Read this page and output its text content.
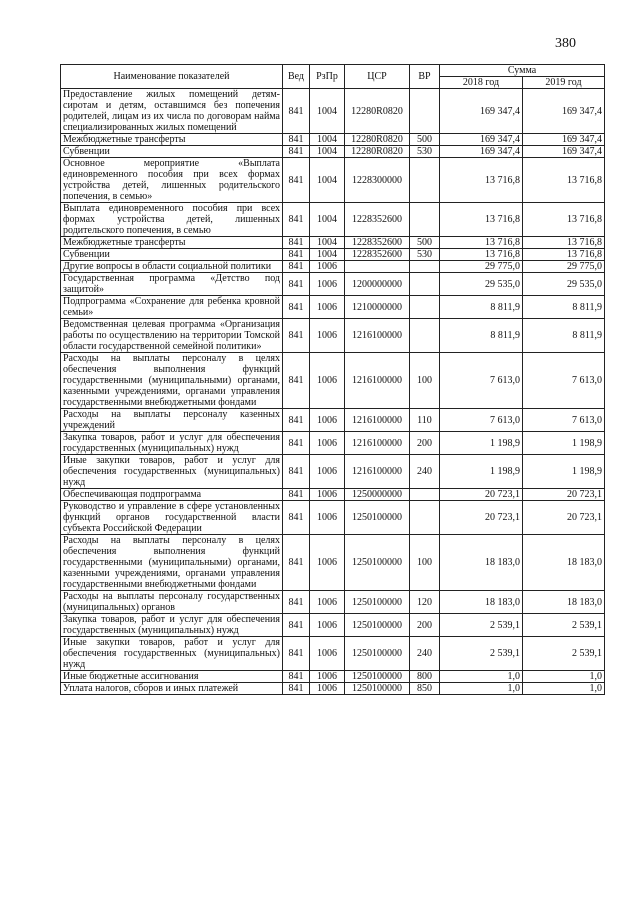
380
Наименование показателей	Вед	РзПр	ЦСР	ВР	Сумма	
					2018 год	2019 год
Предоставление жилых помещений детям-сиротам и детям, оставшимся без попечения родителей, лицам из их числа по договорам найма специализированных жилых помещений	841	1004	12280R0820		169 347,4	169 347,4
Межбюджетные трансферты	841	1004	12280R0820	500	169 347,4	169 347,4
Субвенции	841	1004	12280R0820	530	169 347,4	169 347,4
Основное мероприятие «Выплата единовременного пособия при всех формах устройства детей, лишенных родительского попечения, в семью»	841	1004	1228300000		13 716,8	13 716,8
Выплата единовременного пособия при всех формах устройства детей, лишенных родительского попечения, в семью	841	1004	1228352600		13 716,8	13 716,8
Межбюджетные трансферты	841	1004	1228352600	500	13 716,8	13 716,8
Субвенции	841	1004	1228352600	530	13 716,8	13 716,8
Другие вопросы в области социальной политики	841	1006			29 775,0	29 775,0
Государственная программа «Детство под защитой»	841	1006	1200000000		29 535,0	29 535,0
Подпрограмма «Сохранение для ребенка кровной семьи»	841	1006	1210000000		8 811,9	8 811,9
Ведомственная целевая программа «Организация работы по осуществлению на территории Томской области государственной семейной политики»	841	1006	1216100000		8 811,9	8 811,9
Расходы на выплаты персоналу в целях обеспечения выполнения функций государственными (муниципальными) органами, казенными учреждениями, органами управления государственными внебюджетными фондами	841	1006	1216100000	100	7 613,0	7 613,0
Расходы на выплаты персоналу казенных учреждений	841	1006	1216100000	110	7 613,0	7 613,0
Закупка товаров, работ и услуг для обеспечения государственных (муниципальных) нужд	841	1006	1216100000	200	1 198,9	1 198,9
Иные закупки товаров, работ и услуг для обеспечения государственных (муниципальных) нужд	841	1006	1216100000	240	1 198,9	1 198,9
Обеспечивающая подпрограмма	841	1006	1250000000		20 723,1	20 723,1
Руководство и управление в сфере установленных функций органов государственной власти субъекта Российской Федерации	841	1006	1250100000		20 723,1	20 723,1
Расходы на выплаты персоналу в целях обеспечения выполнения функций государственными (муниципальными) органами, казенными учреждениями, органами управления государственными внебюджетными фондами	841	1006	1250100000	100	18 183,0	18 183,0
Расходы на выплаты персоналу государственных (муниципальных) органов	841	1006	1250100000	120	18 183,0	18 183,0
Закупка товаров, работ и услуг для обеспечения государственных (муниципальных) нужд	841	1006	1250100000	200	2 539,1	2 539,1
Иные закупки товаров, работ и услуг для обеспечения государственных (муниципальных) нужд	841	1006	1250100000	240	2 539,1	2 539,1
Иные бюджетные ассигнования	841	1006	1250100000	800	1,0	1,0
Уплата налогов, сборов и иных платежей	841	1006	1250100000	850	1,0	1,0
